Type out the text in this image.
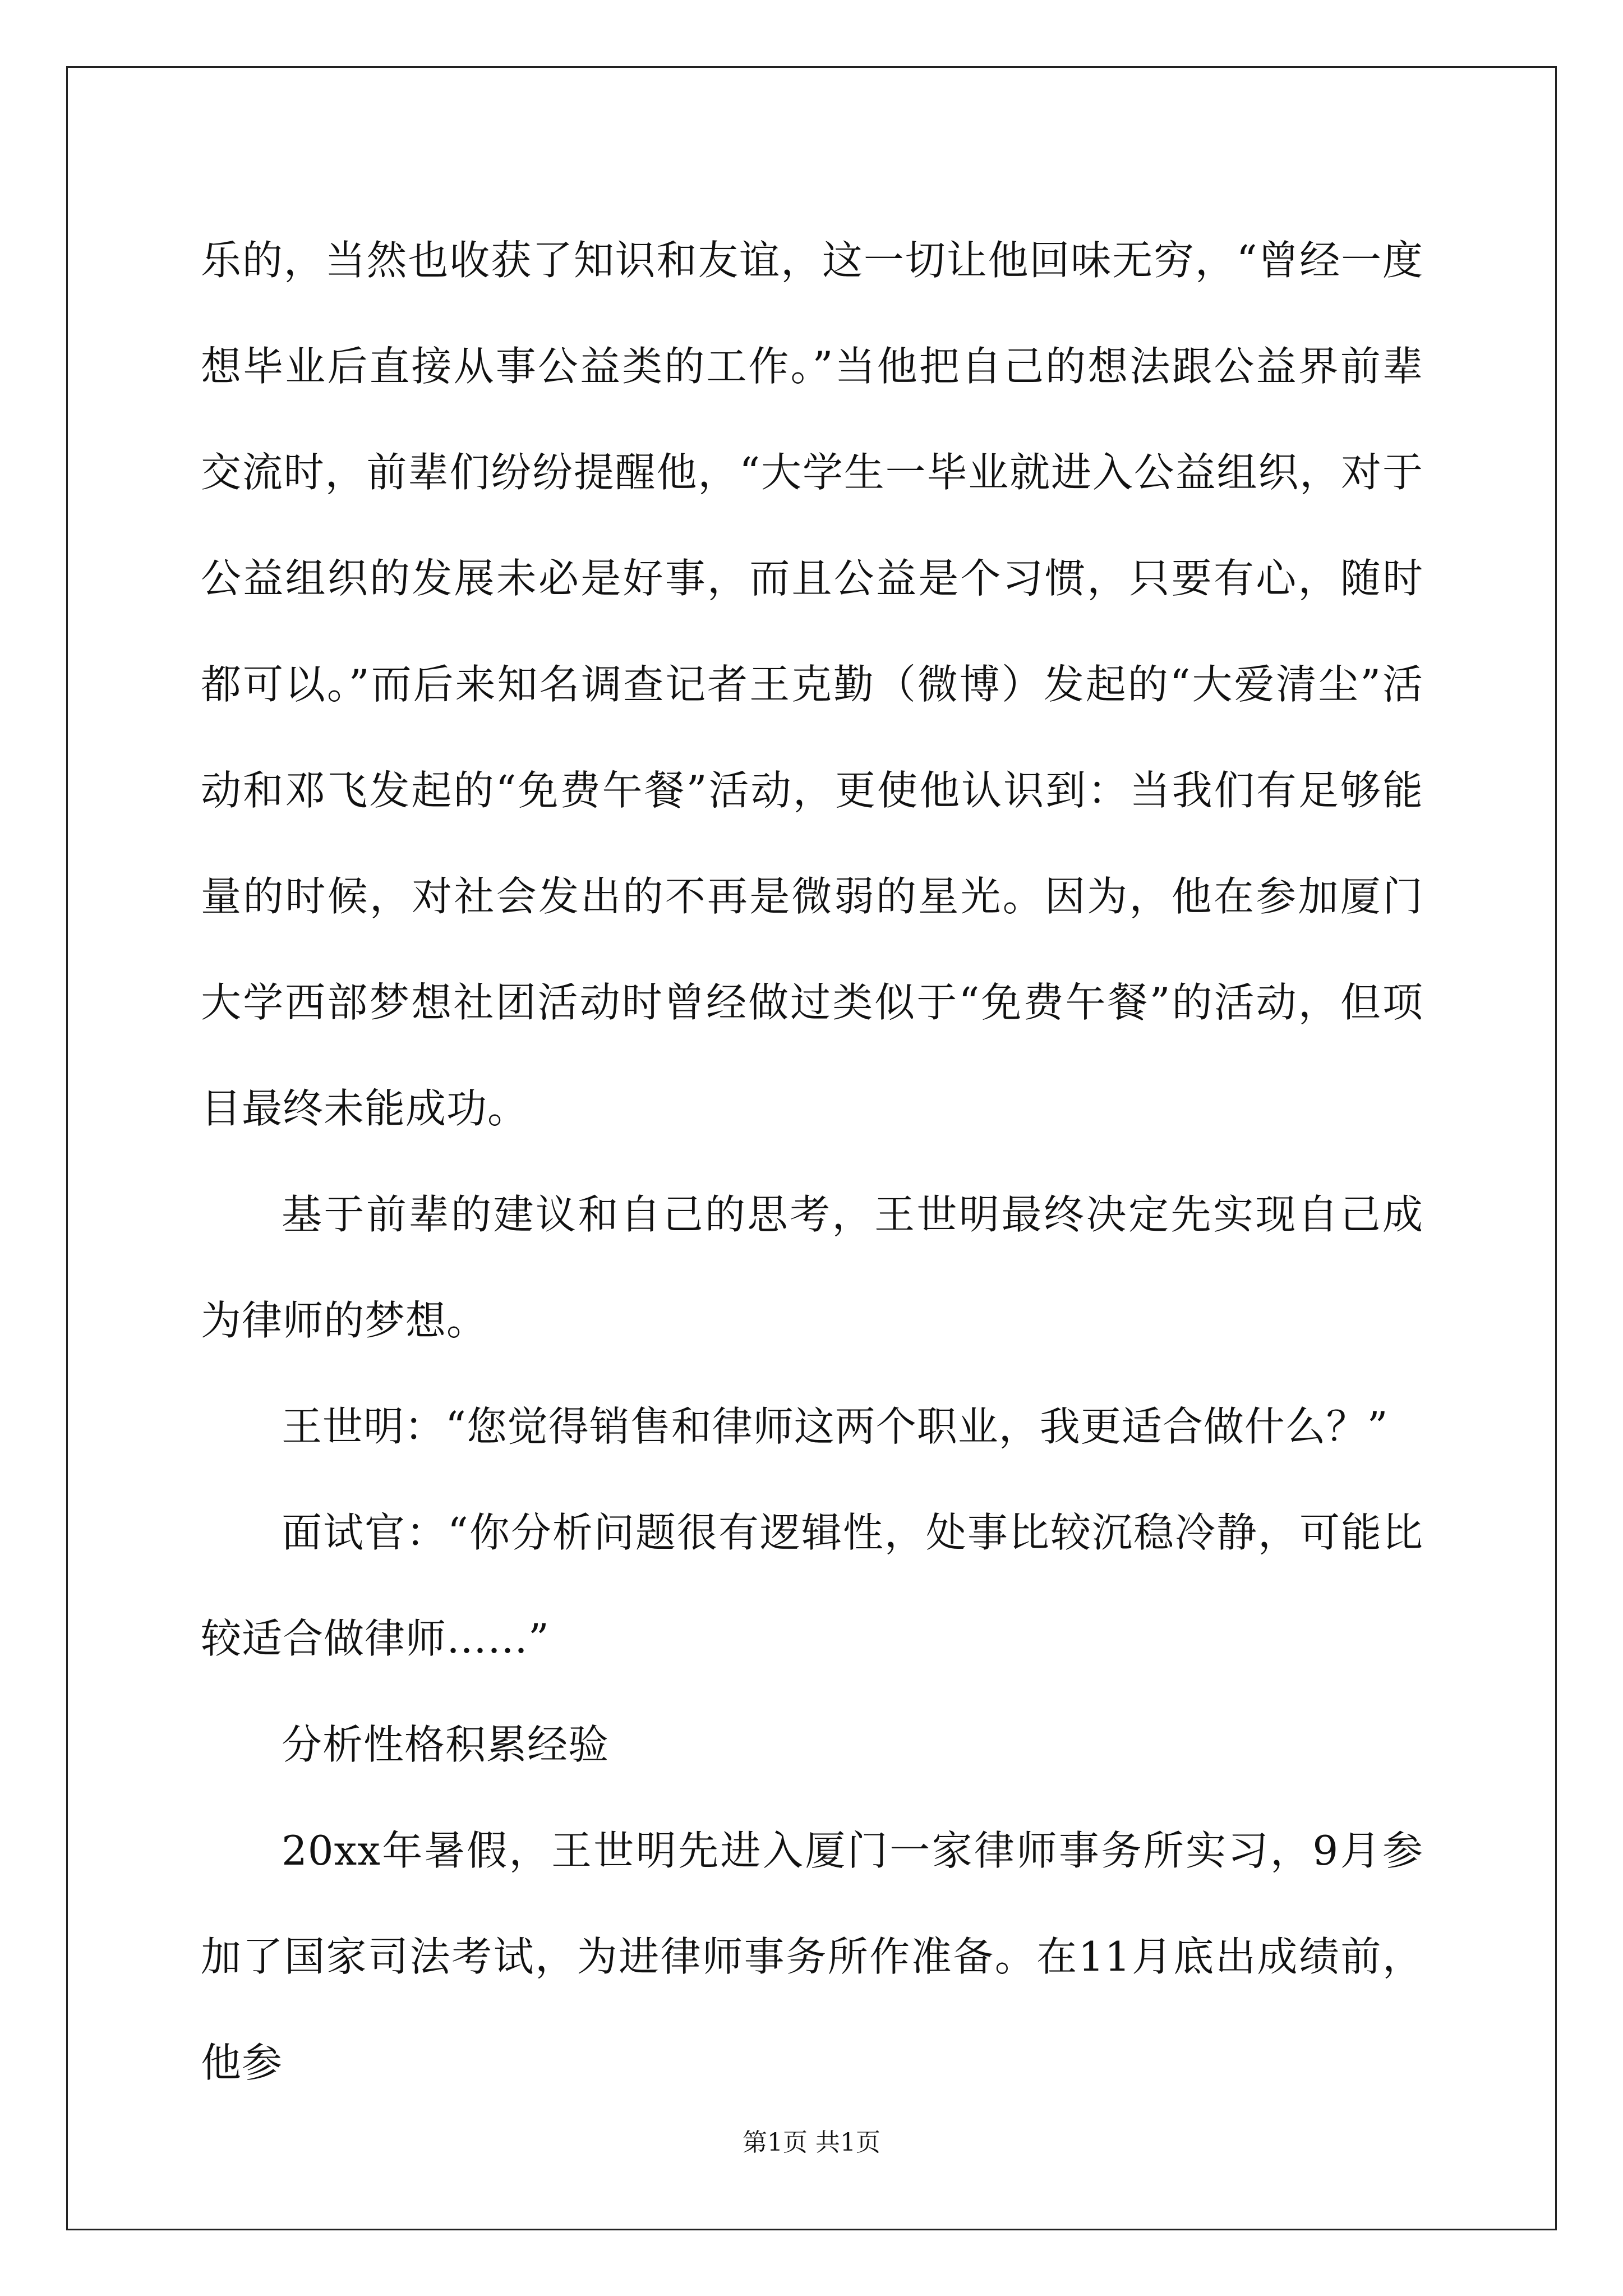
乐的，当然也收获了知识和友谊，这一切让他回味无穷，“曾经一度想毕业后直接从事公益类的工作。”当他把自己的想法跟公益界前辈交流时，前辈们纷纷提醒他，“大学生一毕业就进入公益组织，对于公益组织的发展未必是好事，而且公益是个习惯，只要有心，随时都可以。”而后来知名调查记者王克勤（微博）发起的“大爱清尘”活动和邓飞发起的“免费午餐”活动，更使他认识到：当我们有足够能量的时候，对社会发出的不再是微弱的星光。因为，他在参加厦门大学西部梦想社团活动时曾经做过类似于“免费午餐”的活动，但项目最终未能成功。

基于前辈的建议和自己的思考，王世明最终决定先实现自己成为律师的梦想。

王世明：“您觉得销售和律师这两个职业，我更适合做什么？”

面试官：“你分析问题很有逻辑性，处事比较沉稳冷静，可能比较适合做律师……”

分析性格积累经验

20xx年暑假，王世明先进入厦门一家律师事务所实习，9月参加了国家司法考试，为进律师事务所作准备。在11月底出成绩前，他参

第1页 共1页
